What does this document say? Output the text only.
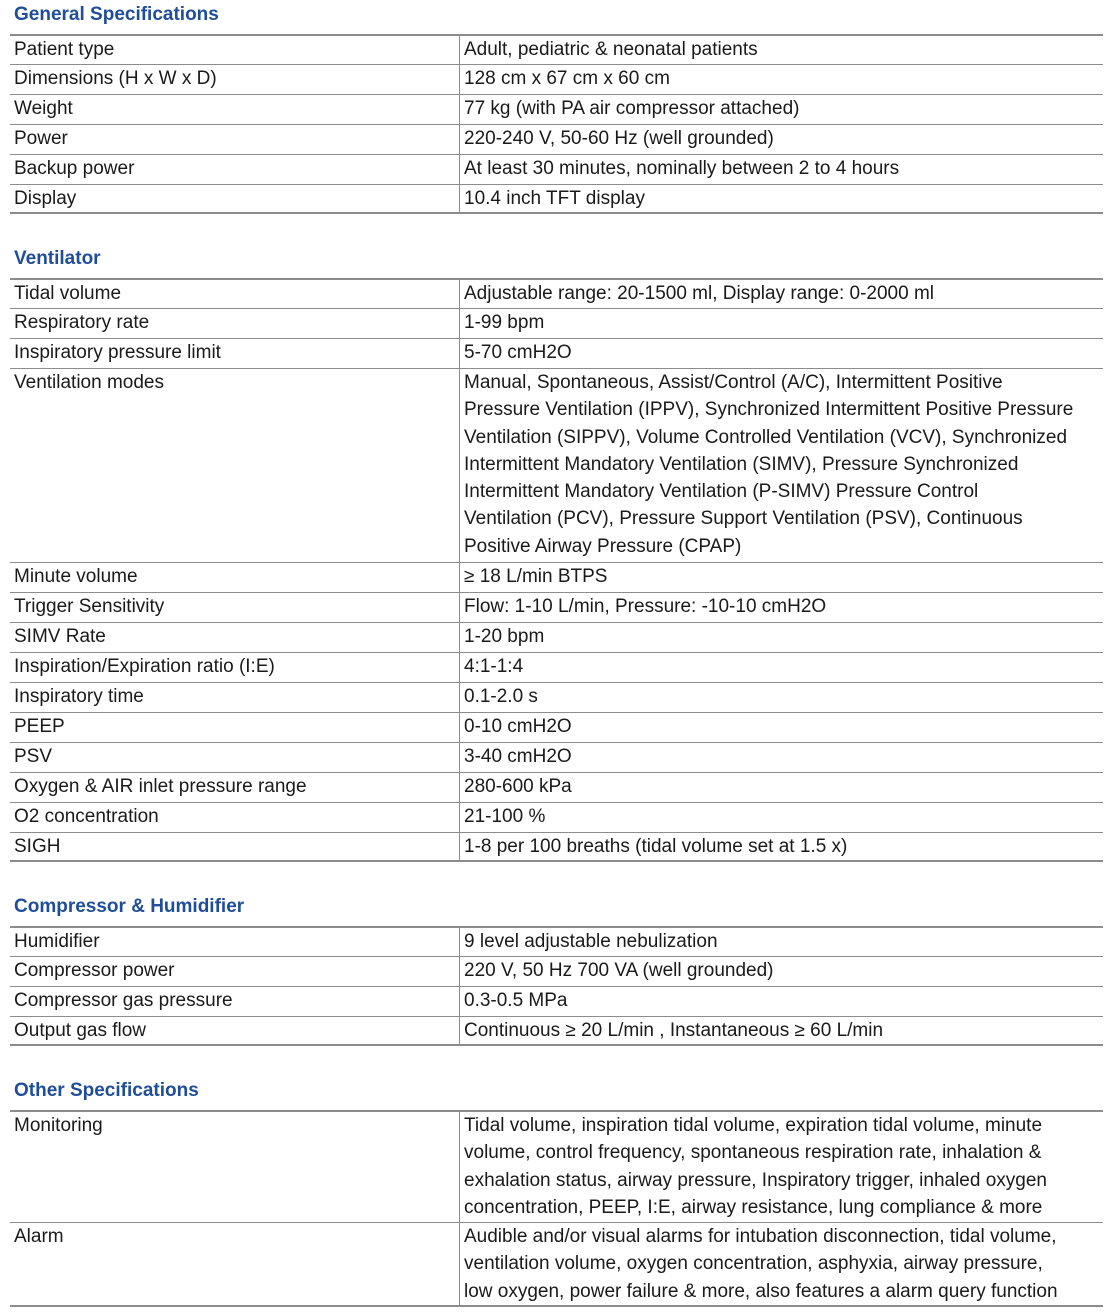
General Specifications
Patient type	Adult, pediatric & neonatal patients
Dimensions (H x W x D)	128 cm x 67 cm x 60 cm
Weight	77 kg (with PA air compressor attached)
Power	220-240 V, 50-60 Hz (well grounded)
Backup power	At least 30 minutes, nominally between 2 to 4 hours
Display	10.4 inch TFT display
Ventilator
Tidal volume	Adjustable range: 20-1500 ml, Display range: 0-2000 ml
Respiratory rate	1-99 bpm
Inspiratory pressure limit	5-70 cmH2O
Ventilation modes	Manual, Spontaneous, Assist/Control (A/C), Intermittent Positive
Pressure Ventilation (IPPV), Synchronized Intermittent Positive Pressure
Ventilation (SIPPV), Volume Controlled Ventilation (VCV), Synchronized
Intermittent Mandatory Ventilation (SIMV), Pressure Synchronized
Intermittent Mandatory Ventilation (P-SIMV) Pressure Control
Ventilation (PCV), Pressure Support Ventilation (PSV), Continuous
Positive Airway Pressure (CPAP)
Minute volume	≥ 18 L/min BTPS
Trigger Sensitivity	Flow: 1-10 L/min, Pressure: -10-10 cmH2O
SIMV Rate	1-20 bpm
Inspiration/Expiration ratio (I:E)	4:1-1:4
Inspiratory time	0.1-2.0 s
PEEP	0-10 cmH2O
PSV	3-40 cmH2O
Oxygen & AIR inlet pressure range	280-600 kPa
O2 concentration	21-100 %
SIGH	1-8 per 100 breaths (tidal volume set at 1.5 x)
Compressor & Humidifier
Humidifier	9 level adjustable nebulization
Compressor power	220 V, 50 Hz 700 VA (well grounded)
Compressor gas pressure	0.3-0.5 MPa
Output gas flow	Continuous ≥ 20 L/min , Instantaneous ≥ 60 L/min
Other Specifications
Monitoring	Tidal volume, inspiration tidal volume, expiration tidal volume, minute
volume, control frequency, spontaneous respiration rate, inhalation &
exhalation status, airway pressure, Inspiratory trigger, inhaled oxygen
concentration, PEEP, I:E, airway resistance, lung compliance & more
Alarm	Audible and/or visual alarms for intubation disconnection, tidal volume,
ventilation volume, oxygen concentration, asphyxia, airway pressure,
low oxygen, power failure & more, also features a alarm query function
